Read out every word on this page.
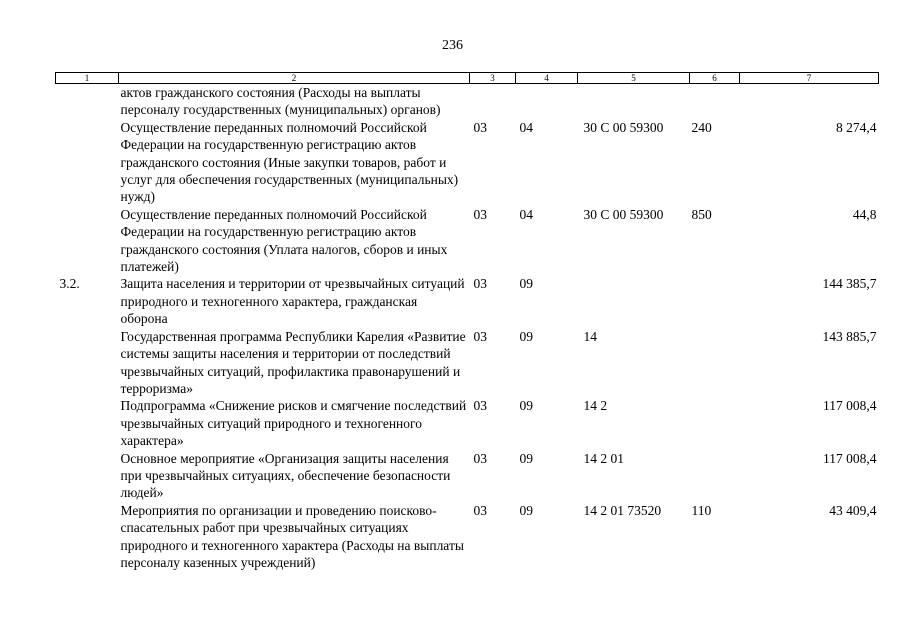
236
1	2	3	4	5	6	7
	актов гражданского состояния (Расходы на выплаты персоналу государственных (муниципальных) органов)					
	Осуществление переданных полномочий Российской Федерации на государственную регистрацию актов гражданского состояния (Иные закупки товаров, работ и услуг для обеспечения государственных (муниципальных) нужд)	03	04	30 С 00 59300	240	8 274,4
	Осуществление переданных полномочий Российской Федерации на государственную регистрацию актов гражданского состояния (Уплата налогов, сборов и иных платежей)	03	04	30 С 00 59300	850	44,8
3.2.	Защита населения и территории от чрезвычайных ситуаций природного и техногенного характера, гражданская оборона	03	09			144 385,7
	Государственная программа Республики Карелия «Развитие системы защиты населения и территории от последствий чрезвычайных ситуаций, профилактика правонарушений и терроризма»	03	09	14		143 885,7
	Подпрограмма «Снижение рисков и смягчение последствий чрезвычайных ситуаций природного и техногенного характера»	03	09	14 2		117 008,4
	Основное мероприятие «Организация защиты населения при чрезвычайных ситуациях, обеспечение безопасности людей»	03	09	14 2 01		117 008,4
	Мероприятия по организации и проведению поисково-спасательных работ при чрезвычайных ситуациях природного и техногенного характера (Расходы на выплаты персоналу казенных учреждений)	03	09	14 2 01 73520	110	43 409,4
